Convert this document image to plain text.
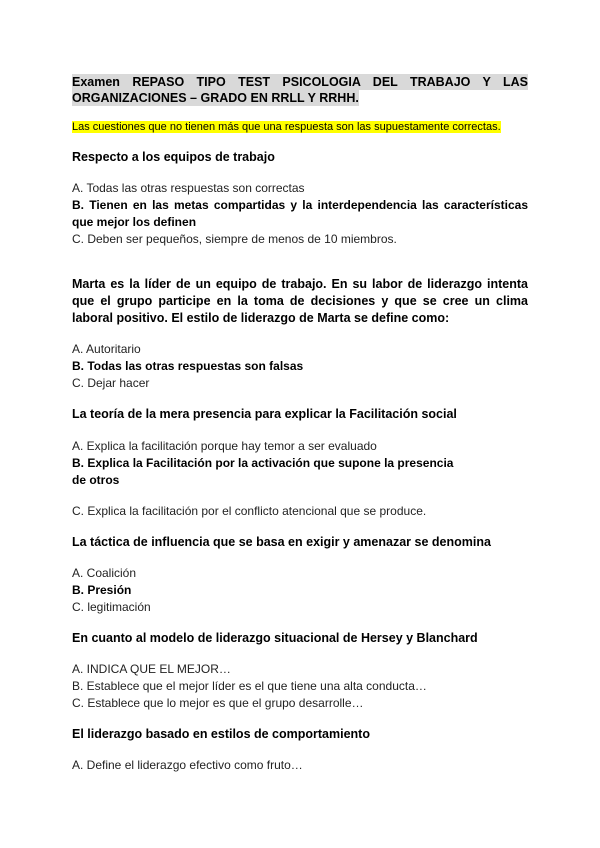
Examen REPASO TIPO TEST PSICOLOGIA DEL TRABAJO Y LAS
ORGANIZACIONES – GRADO EN RRLL Y RRHH.
Las cuestiones que no tienen más que una respuesta son las supuestamente correctas.
Respecto a los equipos de trabajo
A. Todas las otras respuestas son correctas
B. Tienen en las metas compartidas y la interdependencia las características que mejor los definen
C. Deben ser pequeños, siempre de menos de 10 miembros.
Marta es la líder de un equipo de trabajo. En su labor de liderazgo intenta que el grupo participe en la toma de decisiones y que se cree un clima laboral positivo. El estilo de liderazgo de Marta se define como:
A. Autoritario
B. Todas las otras respuestas son falsas
C. Dejar hacer
La teoría de la mera presencia para explicar la Facilitación social
A. Explica la facilitación porque hay temor a ser evaluado
B. Explica la Facilitación por la activación que supone la presencia
de otros
C. Explica la facilitación por el conflicto atencional que se produce.
La táctica de influencia que se basa en exigir y amenazar se denomina
A. Coalición
B. Presión
C. legitimación
En cuanto al modelo de liderazgo situacional de Hersey y Blanchard
A. INDICA QUE EL MEJOR…
B. Establece que el mejor líder es el que tiene una alta conducta…
C. Establece que lo mejor es que el grupo desarrolle…
El liderazgo basado en estilos de comportamiento
A. Define el liderazgo efectivo como fruto…
